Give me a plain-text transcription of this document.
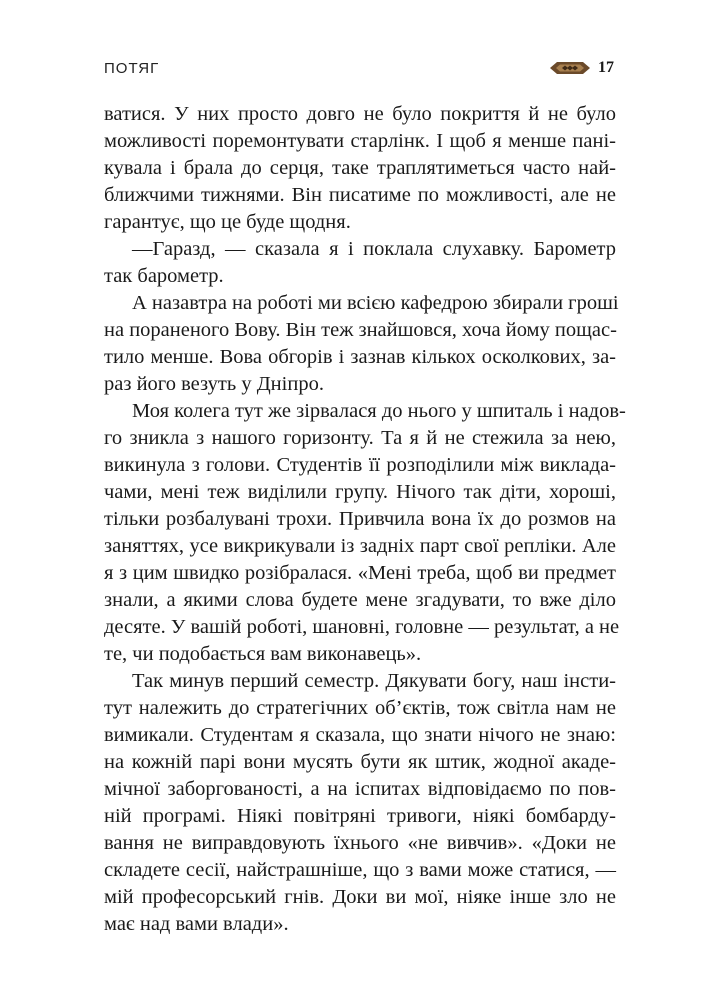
ПОТЯГ	17
ватися. У них просто довго не було покриття й не було
можливості поремонтувати старлінк. І щоб я менше пані-
кувала і брала до серця, таке траплятиметься часто най-
ближчими тижнями. Він писатиме по можливості, але не
гарантує, що це буде щодня.
—Гаразд, — сказала я і поклала слухавку. Барометр
так барометр.
А назавтра на роботі ми всією кафедрою збирали гроші
на пораненого Вову. Він теж знайшовся, хоча йому пощас-
тило менше. Вова обгорів і зазнав кількох осколкових, за-
раз його везуть у Дніпро.
Моя колега тут же зірвалася до нього у шпиталь і надов-
го зникла з нашого горизонту. Та я й не стежила за нею,
викинула з голови. Студентів її розподілили між виклада-
чами, мені теж виділили групу. Нічого так діти, хороші,
тільки розбалувані трохи. Привчила вона їх до розмов на
заняттях, усе викрикували із задніх парт свої репліки. Але
я з цим швидко розібралася. «Мені треба, щоб ви предмет
знали, а якими слова будете мене згадувати, то вже діло
десяте. У вашій роботі, шановні, головне — результат, а не
те, чи подобається вам виконавець».
Так минув перший семестр. Дякувати богу, наш інсти-
тут належить до стратегічних об’єктів, тож світла нам не
вимикали. Студентам я сказала, що знати нічого не знаю:
на кожній парі вони мусять бути як штик, жодної акаде-
мічної заборгованості, а на іспитах відповідаємо по пов-
ній програмі. Ніякі повітряні тривоги, ніякі бомбарду-
вання не виправдовують їхнього «не вивчив». «Доки не
складете сесії, найстрашніше, що з вами може статися, —
мій професорський гнів. Доки ви мої, ніяке інше зло не
має над вами влади».
